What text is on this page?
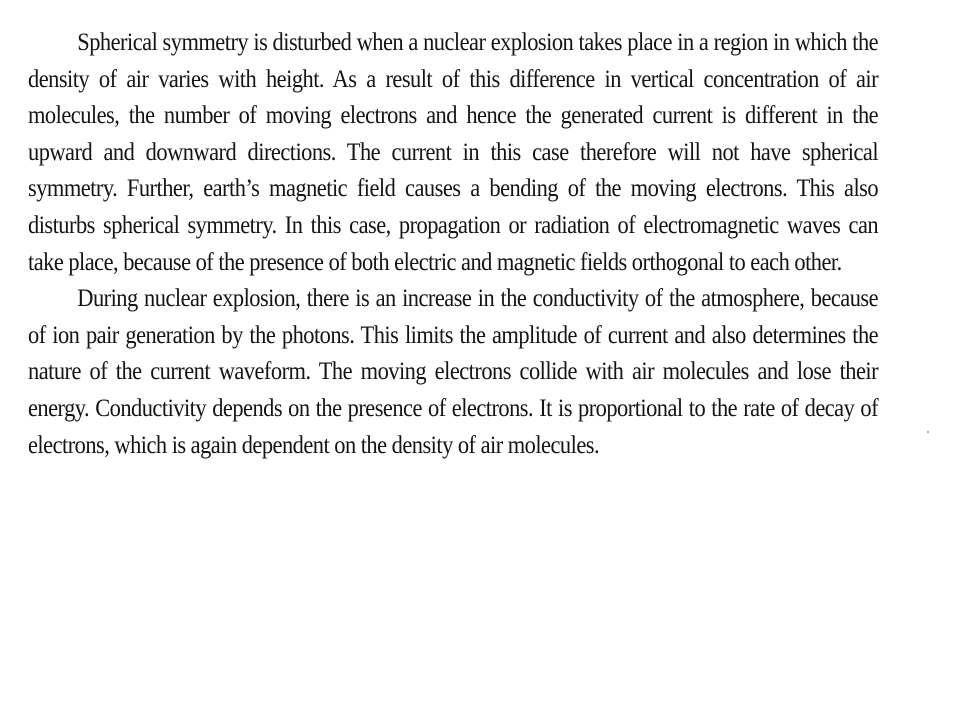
Spherical symmetry is disturbed when a nuclear explosion takes place in a region in which the density of air varies with height. As a result of this difference in vertical concentration of air molecules, the number of moving electrons and hence the generated current is different in the upward and downward directions. The current in this case therefore will not have spherical symmetry. Further, earth’s magnetic field causes a bending of the moving electrons. This also disturbs spherical symmetry. In this case, propagation or radiation of electromagnetic waves can take place, because of the presence of both electric and magnetic fields orthogonal to each other.

During nuclear explosion, there is an increase in the conductivity of the atmosphere, because of ion pair generation by the photons. This limits the amplitude of current and also determines the nature of the current waveform. The moving electrons collide with air molecules and lose their energy. Conductivity depends on the presence of electrons. It is proportional to the rate of decay of electrons, which is again dependent on the density of air molecules.
